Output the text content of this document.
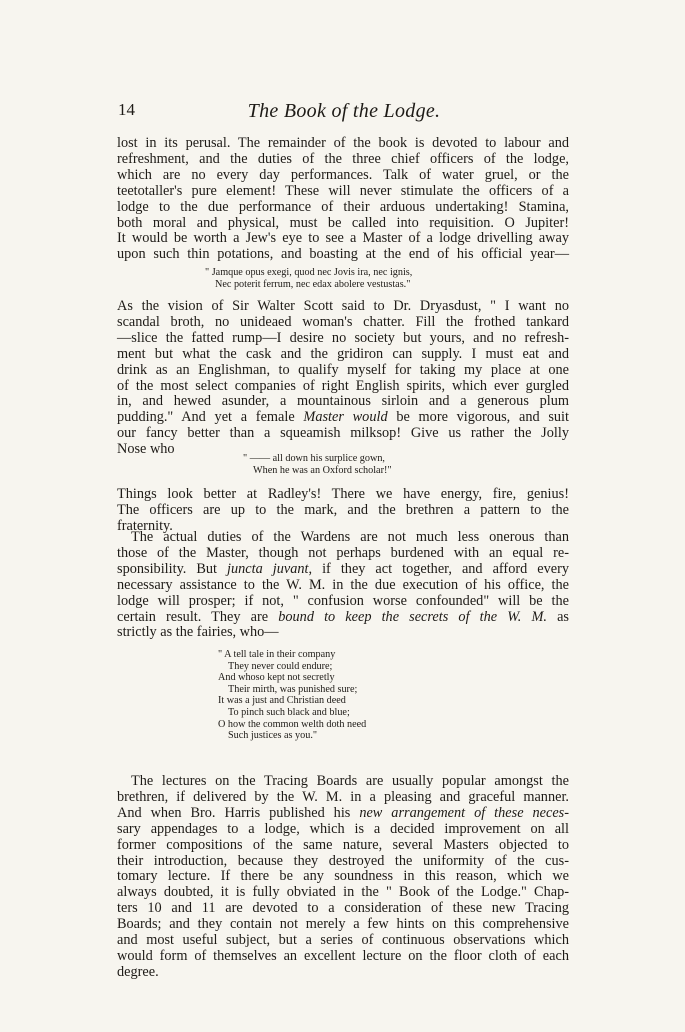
14	The Book of the Lodge.
lost in its perusal. The remainder of the book is devoted to labour and
refreshment, and the duties of the three chief officers of the lodge,
which are no every day performances. Talk of water gruel, or the
teetotaller's pure element! These will never stimulate the officers of a
lodge to the due performance of their arduous undertaking! Stamina,
both moral and physical, must be called into requisition. O Jupiter!
It would be worth a Jew's eye to see a Master of a lodge drivelling away
upon such thin potations, and boasting at the end of his official year—
" Jamque opus exegi, quod nec Jovis ira, nec ignis,
Nec poterit ferrum, nec edax abolere vestustas."
As the vision of Sir Walter Scott said to Dr. Dryasdust, " I want no
scandal broth, no unideaed woman's chatter. Fill the frothed tankard
—slice the fatted rump—I desire no society but yours, and no refresh-
ment but what the cask and the gridiron can supply. I must eat and
drink as an Englishman, to qualify myself for taking my place at one
of the most select companies of right English spirits, which ever gurgled
in, and hewed asunder, a mountainous sirloin and a generous plum
pudding." And yet a female Master would be more vigorous, and suit
our fancy better than a squeamish milksop! Give us rather the Jolly
Nose who
" —— all down his surplice gown,
When he was an Oxford scholar!"
Things look better at Radley's! There we have energy, fire, genius!
The officers are up to the mark, and the brethren a pattern to the
fraternity.
The actual duties of the Wardens are not much less onerous than
those of the Master, though not perhaps burdened with an equal re-
sponsibility. But juncta juvant, if they act together, and afford every
necessary assistance to the W. M. in the due execution of his office, the
lodge will prosper; if not, " confusion worse confounded" will be the
certain result. They are bound to keep the secrets of the W. M. as
strictly as the fairies, who—
" A tell tale in their company
They never could endure;
And whoso kept not secretly
Their mirth, was punished sure;
It was a just and Christian deed
To pinch such black and blue;
O how the common welth doth need
Such justices as you."
The lectures on the Tracing Boards are usually popular amongst the
brethren, if delivered by the W. M. in a pleasing and graceful manner.
And when Bro. Harris published his new arrangement of these neces-
sary appendages to a lodge, which is a decided improvement on all
former compositions of the same nature, several Masters objected to
their introduction, because they destroyed the uniformity of the cus-
tomary lecture. If there be any soundness in this reason, which we
always doubted, it is fully obviated in the " Book of the Lodge." Chap-
ters 10 and 11 are devoted to a consideration of these new Tracing
Boards; and they contain not merely a few hints on this comprehensive
and most useful subject, but a series of continuous observations which
would form of themselves an excellent lecture on the floor cloth of each
degree.
